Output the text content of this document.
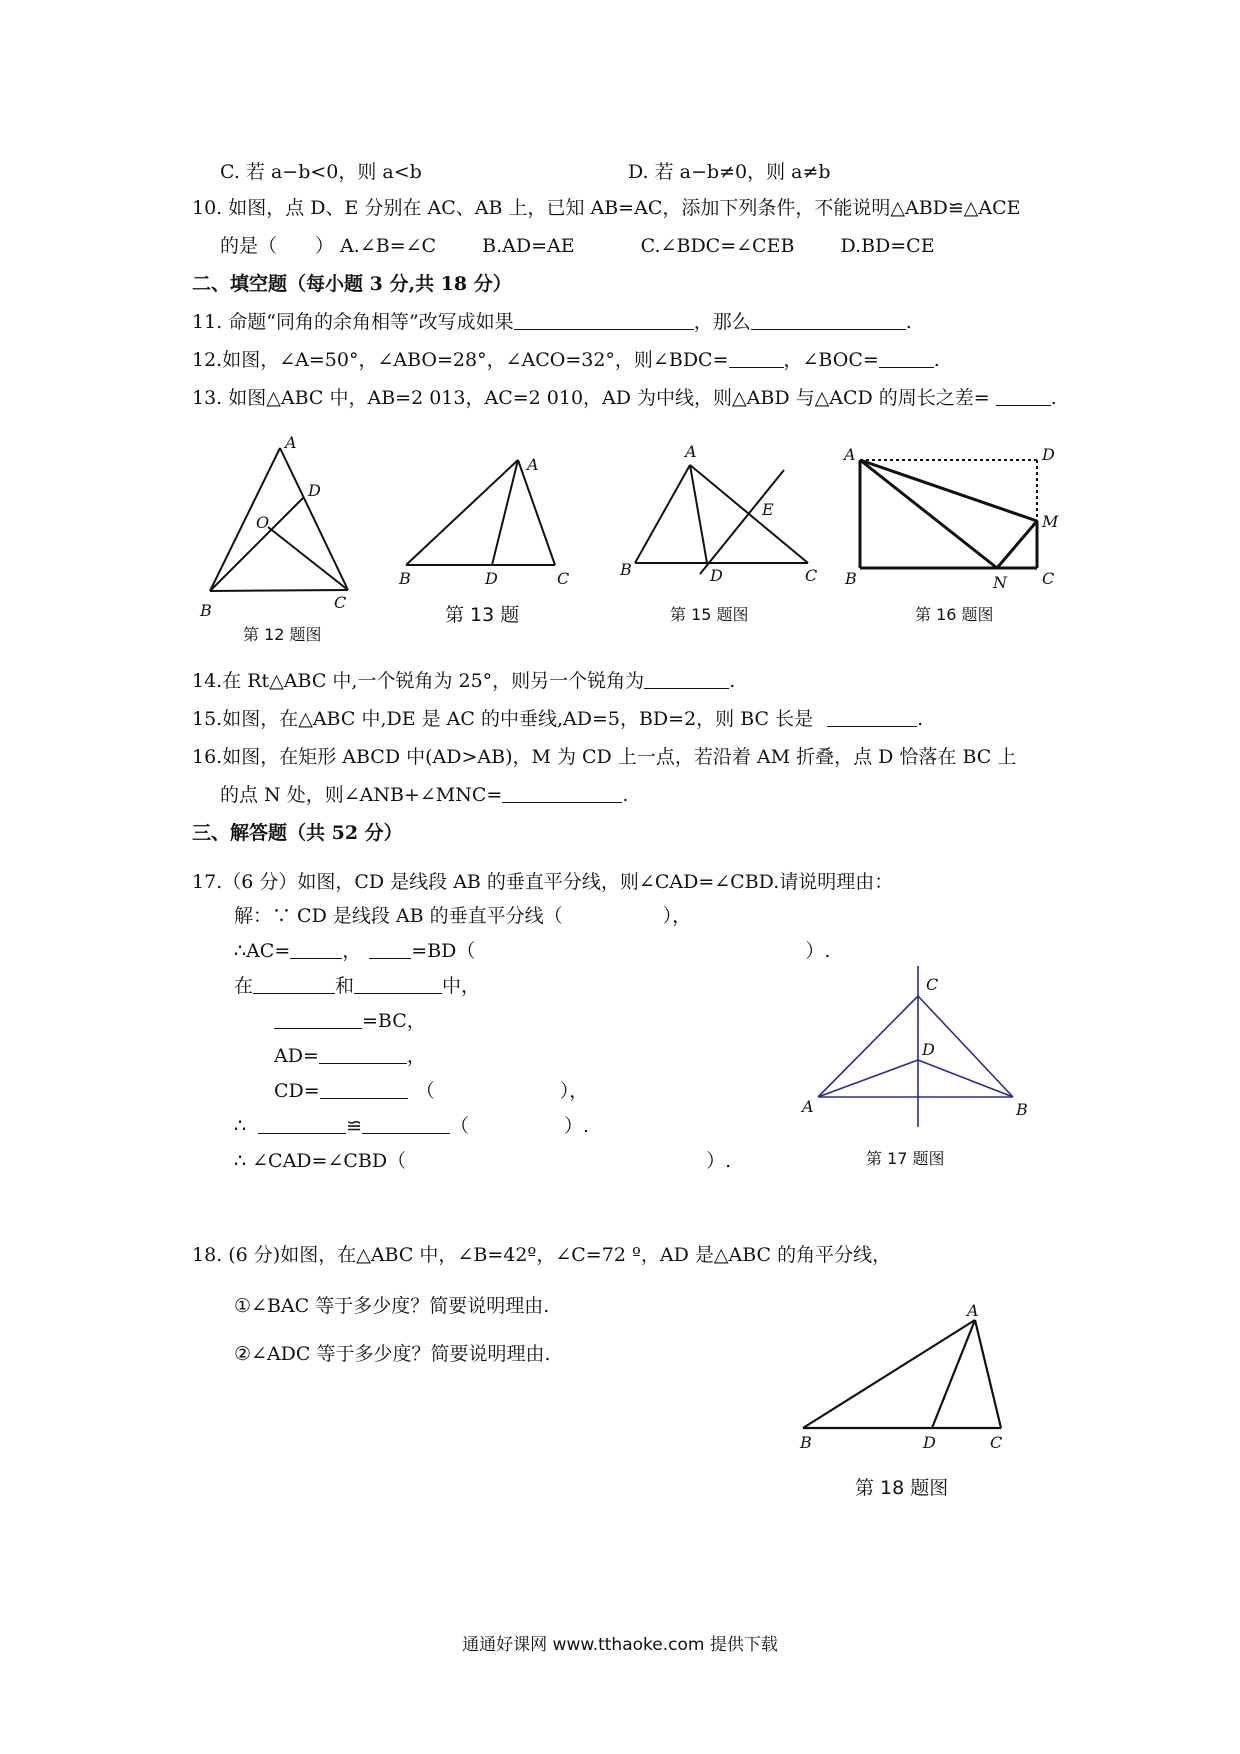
C. 若 a−b<0，则 a<b	D. 若 a−b≠0，则 a≠b
10. 如图，点 D、E 分别在 AC、AB 上，已知 AB=AC，添加下列条件，不能说明△ABD≌△ACE
的是（　　） A.∠B=∠C B.AD=AE	C.∠BDC=∠CEB D.BD=CE
二、填空题（每小题 3 分,共 18 分）
11. 命题“同角的余角相等”改写成如果	，那么	.
12.如图，∠A=50°，∠ABO=28°，∠ACO=32°，则∠BDC=	，∠BOC=	.
13. 如图△ABC 中，AB=2 013，AC=2 010，AD 为中线，则△ABD 与△ACD 的周长之差=	.
A
D
O
B	C
第 12 题图
A
B	D	C
第 13 题
A
E
B	D	C
第 15 题图
A	D
M
B	N C
第 16 题图
14.在 Rt△ABC 中,一个锐角为 25°，则另一个锐角为	.
15.如图，在△ABC 中,DE 是 AC 的中垂线,AD=5，BD=2，则 BC 长是	.
16.如图，在矩形 ABCD 中(AD>AB)，M 为 CD 上一点，若沿着 AM 折叠，点 D 恰落在 BC 上
的点 N 处，则∠ANB+∠MNC=	.
三、解答题（共 52 分）
17.（6 分）如图，CD 是线段 AB 的垂直平分线，则∠CAD=∠CBD.请说明理由：
解：∵ CD 是线段 AB 的垂直平分线（	），
∴AC=	，	=BD（	）.
在	和	中，
=BC，
AD=	，
CD=	（	），
∴	≌	（	）.
∴ ∠CAD=∠CBD（	）.
C
D
A	B
第 17 题图
18. (6 分)如图，在△ABC 中，∠B=42º，∠C=72 º，AD 是△ABC 的角平分线，
①∠BAC 等于多少度？简要说明理由.
②∠ADC 等于多少度？简要说明理由.
A
B	D	C
第 18 题图
通通好课网 www.tthaoke.com 提供下载
